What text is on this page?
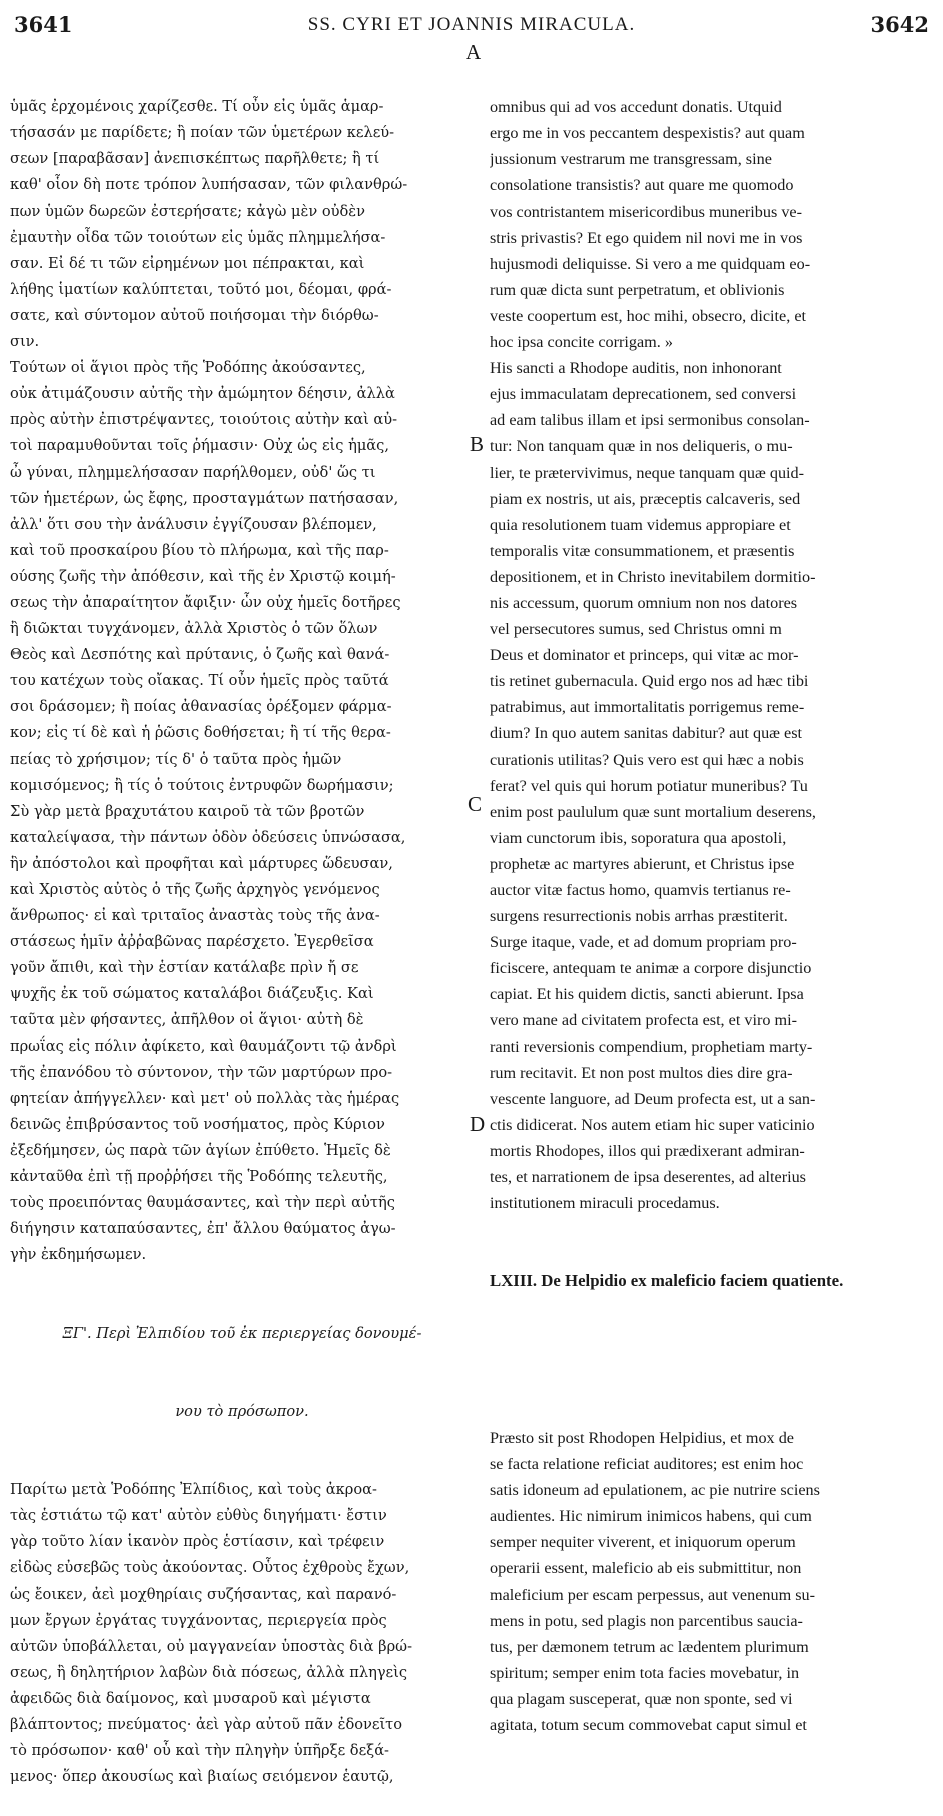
3641	SS. CYRI ET JOANNIS MIRACULA.	3642

ὑμᾶς ἐρχομένοις χαρίζεσθε. Τί οὖν εἰς ὑμᾶς ἁμαρ-
τήσασάν με παρίδετε; ἢ ποίαν τῶν ὑμετέρων κελεύ-
σεων [παραβᾶσαν] ἀνεπισκέπτως παρῆλθετε; ἢ τί
καθ' οἷον δὴ ποτε τρόπον λυπήσασαν, τῶν φιλανθρώ-
πων ὑμῶν δωρεῶν ἐστερήσατε; κἀγὼ μὲν οὐδὲν
ἐμαυτὴν οἶδα τῶν τοιούτων εἰς ὑμᾶς πλημμελήσα-
σαν. Εἰ δέ τι τῶν εἰρημένων μοι πέπρακται, καὶ
λήθης ἱματίων καλύπτεται, τοῦτό μοι, δέομαι, φρά-
σατε, καὶ σύντομον αὐτοῦ ποιήσομαι τὴν διόρθω-
σιν.
Τούτων οἱ ἅγιοι πρὸς τῆς Ῥοδόπης ἀκούσαντες,
οὐκ ἀτιμάζουσιν αὐτῆς τὴν ἀμώμητον δέησιν, ἀλλὰ
πρὸς αὐτὴν ἐπιστρέψαντες, τοιούτοις αὐτὴν καὶ αὐ-
τοὶ παραμυθοῦνται τοῖς ῥήμασιν· Οὐχ ὡς εἰς ἡμᾶς,
ὦ γύναι, πλημμελήσασαν παρήλθομεν, οὐδ' ὥς τι
τῶν ἡμετέρων, ὡς ἔφης, προσταγμάτων πατήσασαν,
ἀλλ' ὅτι σου τὴν ἀνάλυσιν ἐγγίζουσαν βλέπομεν,
καὶ τοῦ προσκαίρου βίου τὸ πλήρωμα, καὶ τῆς παρ-
ούσης ζωῆς τὴν ἀπόθεσιν, καὶ τῆς ἐν Χριστῷ κοιμή-
σεως τὴν ἀπαραίτητον ἄφιξιν· ὧν οὐχ ἡμεῖς δοτῆρες
ἢ διῶκται τυγχάνομεν, ἀλλὰ Χριστὸς ὁ τῶν ὅλων
Θεὸς καὶ Δεσπότης καὶ πρύτανις, ὁ ζωῆς καὶ θανά-
του κατέχων τοὺς οἴακας. Τί οὖν ἡμεῖς πρὸς ταῦτά
σοι δράσομεν; ἢ ποίας ἀθανασίας ὀρέξομεν φάρμα-
κον; εἰς τί δὲ καὶ ἡ ῥῶσις δοθήσεται; ἢ τί τῆς θερα-
πείας τὸ χρήσιμον; τίς δ' ὁ ταῦτα πρὸς ἡμῶν
κομισόμενος; ἢ τίς ὁ τούτοις ἐντρυφῶν δωρήμασιν;
Σὺ γὰρ μετὰ βραχυτάτου καιροῦ τὰ τῶν βροτῶν
καταλείψασα, τὴν πάντων ὁδὸν ὁδεύσεις ὑπνώσασα,
ἣν ἀπόστολοι καὶ προφῆται καὶ μάρτυρες ὥδευσαν,
καὶ Χριστὸς αὐτὸς ὁ τῆς ζωῆς ἀρχηγὸς γενόμενος
ἄνθρωπος· εἰ καὶ τριταῖος ἀναστὰς τοὺς τῆς ἀνα-
στάσεως ἡμῖν ἀῤῥαβῶνας παρέσχετο. Ἐγερθεῖσα
γοῦν ἄπιθι, καὶ τὴν ἑστίαν κατάλαβε πρὶν ἤ σε
ψυχῆς ἐκ τοῦ σώματος καταλάβοι διάζευξις. Καὶ
ταῦτα μὲν φήσαντες, ἀπῆλθον οἱ ἅγιοι· αὐτὴ δὲ
πρωΐας εἰς πόλιν ἀφίκετο, καὶ θαυμάζοντι τῷ ἀνδρὶ
τῆς ἐπανόδου τὸ σύντονον, τὴν τῶν μαρτύρων προ-
φητείαν ἀπήγγελλεν· καὶ μετ' οὐ πολλὰς τὰς ἡμέρας
δεινῶς ἐπιβρύσαντος τοῦ νοσήματος, πρὸς Κύριον
ἐξεδήμησεν, ὡς παρὰ τῶν ἁγίων ἐπύθετο. Ἡμεῖς δὲ
κἀνταῦθα ἐπὶ τῇ προῤῥήσει τῆς Ῥοδόπης τελευτῆς,
τοὺς προειπόντας θαυμάσαντες, καὶ τὴν περὶ αὐτῆς
διήγησιν καταπαύσαντες, ἐπ' ἄλλου θαύματος ἀγω-
γὴν ἐκδημήσωμεν.

ΞΓ'. Περὶ Ἐλπιδίου τοῦ ἐκ περιεργείας δονουμέ-

νου τὸ πρόσωπον.

Παρίτω μετὰ Ῥοδόπης Ἐλπίδιος, καὶ τοὺς ἀκροα-
τὰς ἑστιάτω τῷ κατ' αὐτὸν εὐθὺς διηγήματι· ἔστιν
γὰρ τοῦτο λίαν ἱκανὸν πρὸς ἑστίασιν, καὶ τρέφειν
εἰδὼς εὐσεβῶς τοὺς ἀκούοντας. Οὗτος ἐχθροὺς ἔχων,
ὡς ἔοικεν, ἀεὶ μοχθηρίαις συζήσαντας, καὶ παρανό-
μων ἔργων ἐργάτας τυγχάνοντας, περιεργεία πρὸς
αὐτῶν ὑποβάλλεται, οὐ μαγγανείαν ὑποστὰς διὰ βρώ-
σεως, ἢ δηλητήριον λαβὼν διὰ πόσεως, ἀλλὰ πληγεὶς
ἀφειδῶς διὰ δαίμονος, καὶ μυσαροῦ καὶ μέγιστα
βλάπτοντος; πνεύματος· ἀεὶ γὰρ αὐτοῦ πᾶν ἐδονεῖτο
τὸ πρόσωπον· καθ' οὗ καὶ τὴν πληγὴν ὑπῆρξε δεξά-
μενος· ὅπερ ἀκουσίως καὶ βιαίως σειόμενον ἑαυτῷ,

omnibus qui ad vos accedunt donatis. Utquid
ergo me in vos peccantem despexistis? aut quam
jussionum vestrarum me transgressam, sine
consolatione transistis? aut quare me quomodo
vos contristantem misericordibus muneribus ve-
stris privastis? Et ego quidem nil novi me in vos
hujusmodi deliquisse. Si vero a me quidquam eo-
rum quæ dicta sunt perpetratum, et oblivionis
veste coopertum est, hoc mihi, obsecro, dicite, et
hoc ipsa concite corrigam. »
His sancti a Rhodope auditis, non inhonorant
ejus immaculatam deprecationem, sed conversi
ad eam talibus illam et ipsi sermonibus consolan-
tur: Non tanquam quæ in nos deliqueris, o mu-
lier, te prætervivimus, neque tanquam quæ quid-
piam ex nostris, ut ais, præceptis calcaveris, sed
quia resolutionem tuam videmus appropiare et
temporalis vitæ consummationem, et præsentis
depositionem, et in Christo inevitabilem dormitio-
nis accessum, quorum omnium non nos datores
vel persecutores sumus, sed Christus omni m
Deus et dominator et princeps, qui vitæ ac mor-
tis retinet gubernacula. Quid ergo nos ad hæc tibi
patrabimus, aut immortalitatis porrigemus reme-
dium? In quo autem sanitas dabitur? aut quæ est
curationis utilitas? Quis vero est qui hæc a nobis
ferat? vel quis qui horum potiatur muneribus? Tu
enim post paululum quæ sunt mortalium deserens,
viam cunctorum ibis, soporatura qua apostoli,
prophetæ ac martyres abierunt, et Christus ipse
auctor vitæ factus homo, quamvis tertianus re-
surgens resurrectionis nobis arrhas præstiterit.
Surge itaque, vade, et ad domum propriam pro-
ficiscere, antequam te animæ a corpore disjunctio
capiat. Et his quidem dictis, sancti abierunt. Ipsa
vero mane ad civitatem profecta est, et viro mi-
ranti reversionis compendium, prophetiam marty-
rum recitavit. Et non post multos dies dire gra-
vescente languore, ad Deum profecta est, ut a san-
ctis didicerat. Nos autem etiam hic super vaticinio
mortis Rhodopes, illos qui prædixerant admiran-
tes, et narrationem de ipsa deserentes, ad alterius
institutionem miraculi procedamus.

LXIII. De Helpidio ex maleficio faciem quatiente.

Præsto sit post Rhodopen Helpidius, et mox de
se facta relatione reficiat auditores; est enim hoc
satis idoneum ad epulationem, ac pie nutrire sciens
audientes. Hic nimirum inimicos habens, qui cum
semper nequiter viverent, et iniquorum operum
operarii essent, maleficio ab eis submittitur, non
maleficium per escam perpessus, aut venenum su-
mens in potu, sed plagis non parcentibus saucia-
tus, per dæmonem tetrum ac lædentem plurimum
spiritum; semper enim tota facies movebatur, in
qua plagam susceperat, quæ non sponte, sed vi
agitata, totum secum commovebat caput simul et

A
B
C
D
